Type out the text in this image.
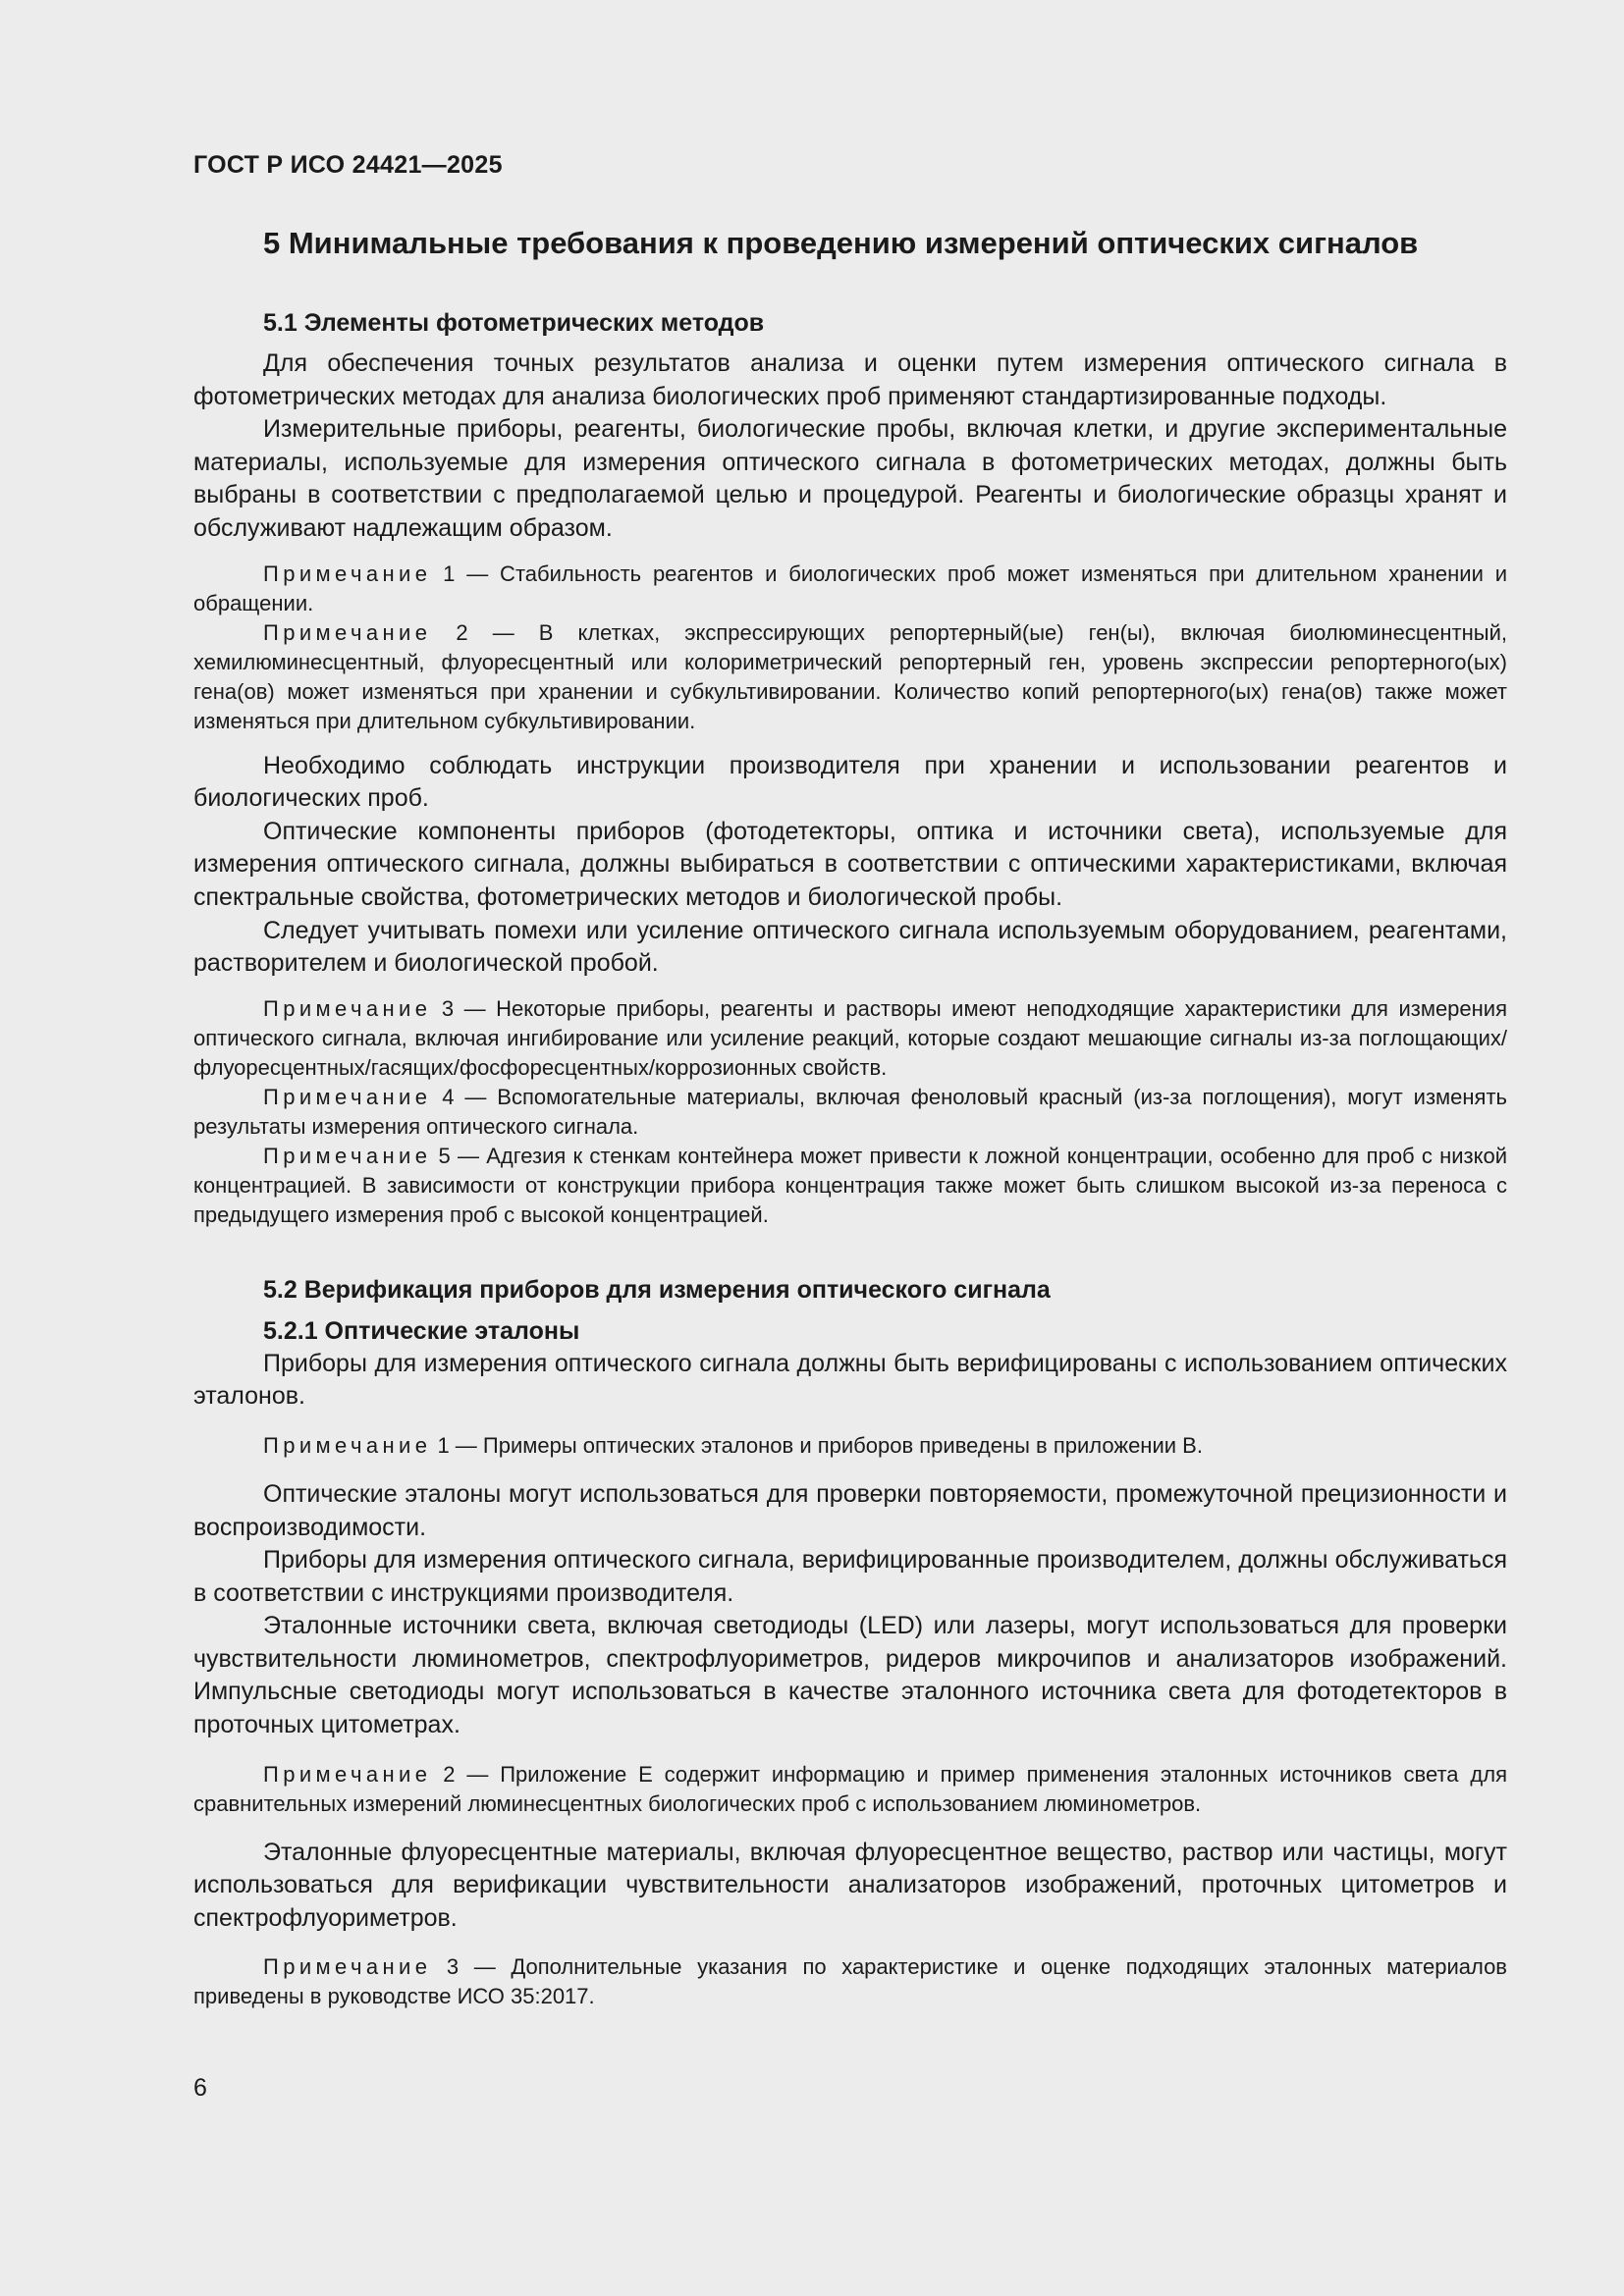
ГОСТ Р ИСО 24421—2025
5 Минимальные требования к проведению измерений оптических сигналов
5.1 Элементы фотометрических методов

Для обеспечения точных результатов анализа и оценки путем измерения оптического сигнала в фотометрических методах для анализа биологических проб применяют стандартизированные подходы.

Измерительные приборы, реагенты, биологические пробы, включая клетки, и другие экспериментальные материалы, используемые для измерения оптического сигнала в фотометрических методах, должны быть выбраны в соответствии с предполагаемой целью и процедурой. Реагенты и биологические образцы хранят и обслуживают надлежащим образом.

Примечание 1 — Стабильность реагентов и биологических проб может изменяться при длительном хранении и обращении.

Примечание 2 — В клетках, экспрессирующих репортерный(ые) ген(ы), включая биолюминесцентный, хемилюминесцентный, флуоресцентный или колориметрический репортерный ген, уровень экспрессии репортерного(ых) гена(ов) может изменяться при хранении и субкультивировании. Количество копий репортерного(ых) гена(ов) также может изменяться при длительном субкультивировании.

Необходимо соблюдать инструкции производителя при хранении и использовании реагентов и биологических проб.

Оптические компоненты приборов (фотодетекторы, оптика и источники света), используемые для измерения оптического сигнала, должны выбираться в соответствии с оптическими характеристиками, включая спектральные свойства, фотометрических методов и биологической пробы.

Следует учитывать помехи или усиление оптического сигнала используемым оборудованием, реагентами, растворителем и биологической пробой.

Примечание 3 — Некоторые приборы, реагенты и растворы имеют неподходящие характеристики для измерения оптического сигнала, включая ингибирование или усиление реакций, которые создают мешающие сигналы из-за поглощающих/флуоресцентных/гасящих/фосфоресцентных/коррозионных свойств.

Примечание 4 — Вспомогательные материалы, включая феноловый красный (из-за поглощения), могут изменять результаты измерения оптического сигнала.

Примечание 5 — Адгезия к стенкам контейнера может привести к ложной концентрации, особенно для проб с низкой концентрацией. В зависимости от конструкции прибора концентрация также может быть слишком высокой из-за переноса с предыдущего измерения проб с высокой концентрацией.

5.2 Верификация приборов для измерения оптического сигнала
5.2.1 Оптические эталоны

Приборы для измерения оптического сигнала должны быть верифицированы с использованием оптических эталонов.

Примечание 1 — Примеры оптических эталонов и приборов приведены в приложении В.

Оптические эталоны могут использоваться для проверки повторяемости, промежуточной прецизионности и воспроизводимости.

Приборы для измерения оптического сигнала, верифицированные производителем, должны обслуживаться в соответствии с инструкциями производителя.

Эталонные источники света, включая светодиоды (LED) или лазеры, могут использоваться для проверки чувствительности люминометров, спектрофлуориметров, ридеров микрочипов и анализаторов изображений. Импульсные светодиоды могут использоваться в качестве эталонного источника света для фотодетекторов в проточных цитометрах.

Примечание 2 — Приложение Е содержит информацию и пример применения эталонных источников света для сравнительных измерений люминесцентных биологических проб с использованием люминометров.

Эталонные флуоресцентные материалы, включая флуоресцентное вещество, раствор или частицы, могут использоваться для верификации чувствительности анализаторов изображений, проточных цитометров и спектрофлуориметров.

Примечание 3 — Дополнительные указания по характеристике и оценке подходящих эталонных материалов приведены в руководстве ИСО 35:2017.

6
